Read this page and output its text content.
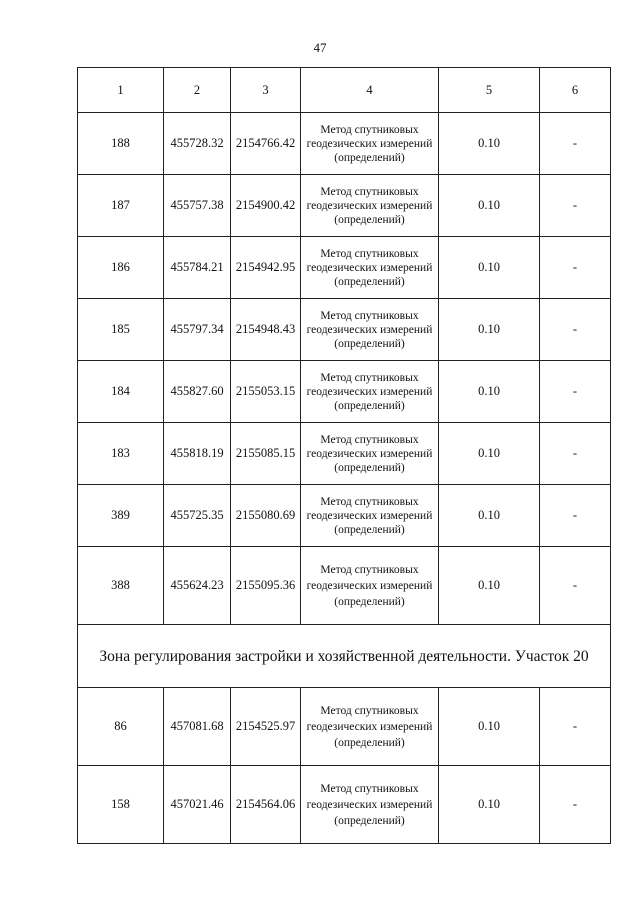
47
1	2	3	4	5	6
188	455728.32	2154766.42	Метод спутниковых геодезических измерений (определений)	0.10	-
187	455757.38	2154900.42	Метод спутниковых геодезических измерений (определений)	0.10	-
186	455784.21	2154942.95	Метод спутниковых геодезических измерений (определений)	0.10	-
185	455797.34	2154948.43	Метод спутниковых геодезических измерений (определений)	0.10	-
184	455827.60	2155053.15	Метод спутниковых геодезических измерений (определений)	0.10	-
183	455818.19	2155085.15	Метод спутниковых геодезических измерений (определений)	0.10	-
389	455725.35	2155080.69	Метод спутниковых геодезических измерений (определений)	0.10	-
388	455624.23	2155095.36	Метод спутниковых геодезических измерений (определений)	0.10	-
Зона регулирования застройки и хозяйственной деятельности. Участок 20					
86	457081.68	2154525.97	Метод спутниковых геодезических измерений (определений)	0.10	-
158	457021.46	2154564.06	Метод спутниковых геодезических измерений (определений)	0.10	-
